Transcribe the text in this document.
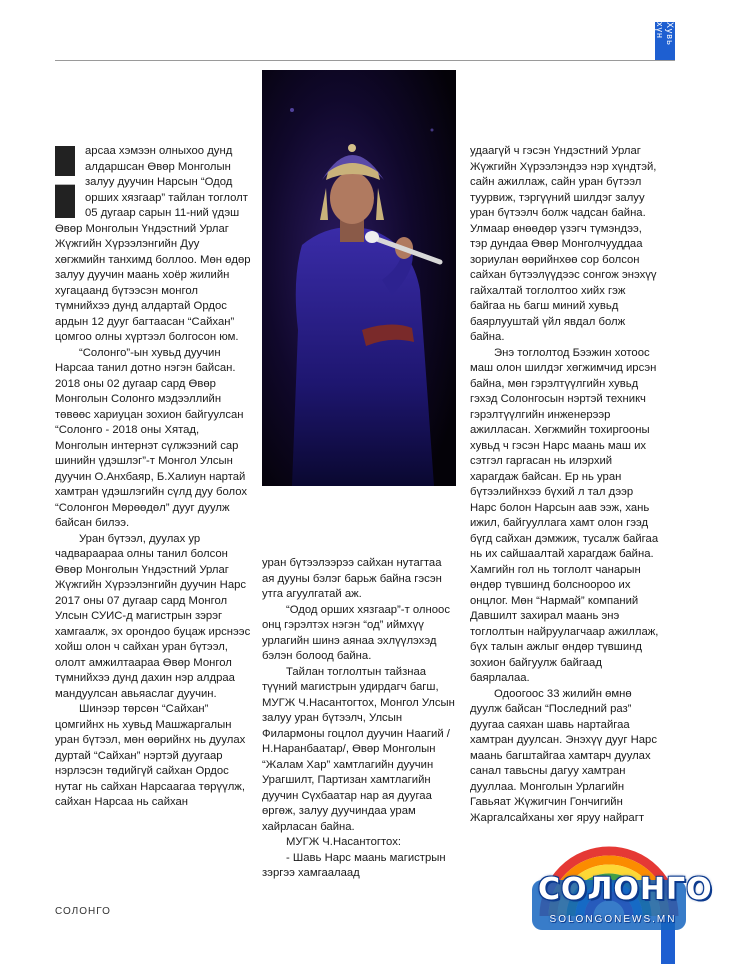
Хувь хүн
Н

арсаа хэмээн олныхоо дунд алдаршсан Өвөр Монголын залуу дуучин Нарсын “Одод орших хязгаар” тайлан тоглолт 05 дугаар сарын 11-ний үдэш Өвөр Монголын Үндэстний Урлаг Жүжгийн Хүрээлэнгийн Дуу хөгжмийн танхимд боллоо. Мөн өдөр залуу дуучин маань хоёр жилийн хугацаанд бүтээсэн монгол түмнийхээ дунд алдартай Ордос ардын 12 дууг багтаасан “Сайхан” цомгоо олны хүртээл болгосон юм.

“Солонго”-ын хувьд дуучин Нарсаа танил дотно нэгэн байсан. 2018 оны 02 дугаар сард Өвөр Монголын Солонго мэдээллийн төвөөс хариуцан зохион байгуулсан “Солонго - 2018 оны Хятад, Монголын интернэт сүлжээний сар шинийн үдэшлэг”-т Монгол Улсын дуучин О.Анхбаяр, Б.Халиун нартай хамтран үдэшлэгийн сүлд дуу болох “Солонгон Мөрөөдөл” дууг дуулж байсан билээ.

Уран бүтээл, дуулах ур чадвараараа олны танил болсон Өвөр Монголын Үндэстний Урлаг Жүжгийн Хүрээлэнгийн дуучин Нарс 2017 оны 07 дугаар сард Монгол Улсын СУИС-д магистрын зэрэг хамгаалж, эх орондоо буцаж ирснээс хойш олон ч сайхан уран бүтээл, ололт амжилтаараа Өвөр Монгол түмнийхээ дунд дахин нэр алдраа мандуулсан авьяаслаг дуучин.

Шинээр төрсөн “Сайхан” цомгийнх нь хувьд Машжаргалын уран бүтээл, мөн өөрийнх нь дуулах дуртай “Сайхан” нэртэй дуугаар нэрлэсэн төдийгүй сайхан Ордос нутаг нь сайхан Нарсаагаа төрүүлж, сайхан Нарсаа нь сайхан

уран бүтээлээрээ сайхан нутагтаа ая дууны бэлэг барьж байна гэсэн утга агуулгатай аж.

“Одод орших хязгаар”-т олноос онц гэрэлтэх нэгэн “од” иймхүү урлагийн шинэ аянаа эхлүүлэхэд бэлэн болоод байна.

Тайлан тоглолтын тайзнаа түүний магистрын удирдагч багш, МУГЖ Ч.Насантогтох, Монгол Улсын залуу уран бүтээлч, Улсын Филармоны гоцлол дуучин Наагий /Н.Наранбаатар/, Өвөр Монголын “Жалам Хар” хамтлагийн дуучин Урагшилт, Партизан хамтлагийн дуучин Сүхбаатар нар ая дуугаа өргөж, залуу дуучиндаа урам хайрласан байна.

МУГЖ Ч.Насантогтох:

- Шавь Нарс маань магистрын зэргээ хамгаалаад

удаагүй ч гэсэн Үндэстний Урлаг Жүжгийн Хүрээлэндээ нэр хүндтэй, сайн ажиллаж, сайн уран бүтээл туурвиж, тэргүүний шилдэг залуу уран бүтээлч болж чадсан байна. Улмаар өнөөдөр үзэгч түмэндээ, тэр дундаа Өвөр Монголчууддаа зориулан өөрийнхөө сор болсон сайхан бүтээлүүдээс сонгож энэхүү гайхалтай тоглолтоо хийх гэж байгаа нь багш миний хувьд баярлууштай үйл явдал болж байна.

Энэ тоглолтод Бээжин хотоос маш олон шилдэг хөгжимчид ирсэн байна, мөн гэрэлтүүлгийн хувьд гэхэд Солонгосын нэртэй техникч гэрэлтүүлгийн инженерээр ажилласан. Хөгжмийн тохиргооны хувьд ч гэсэн Нарс маань маш их сэтгэл гаргасан нь илэрхий харагдаж байсан. Ер нь уран бүтээлийнхээ бүхий л тал дээр Нарс болон Нарсын аав ээж, хань ижил, байгууллага хамт олон гээд бүгд сайхан дэмжиж, тусалж байгаа нь их сайшаалтай харагдаж байна. Хамгийн гол нь тоглолт чанарын өндөр түвшинд болсноороо их онцлог. Мөн “Нармай” компаний Давшилт захирал маань энэ тоглолтын найруулагчаар ажиллаж, бүх талын ажлыг өндөр түвшинд зохион байгуулж байгаад баярлалаа.

Одоогоос 33 жилийн өмнө дуулж байсан “Последний раз” дуугаа саяхан шавь нартайгаа хамтран дуулсан. Энэхүү дууг Нарс маань багштайгаа хамтарч дуулах санал тавьсны дагуу хамтран дууллаа. Монголын Урлагийн Гавьяат Жүжигчин Гончигийн Жаргалсайханы хөг яруу найрагт

СОЛОНГО
СОЛОНГО
SOLONGONEWS.MN
